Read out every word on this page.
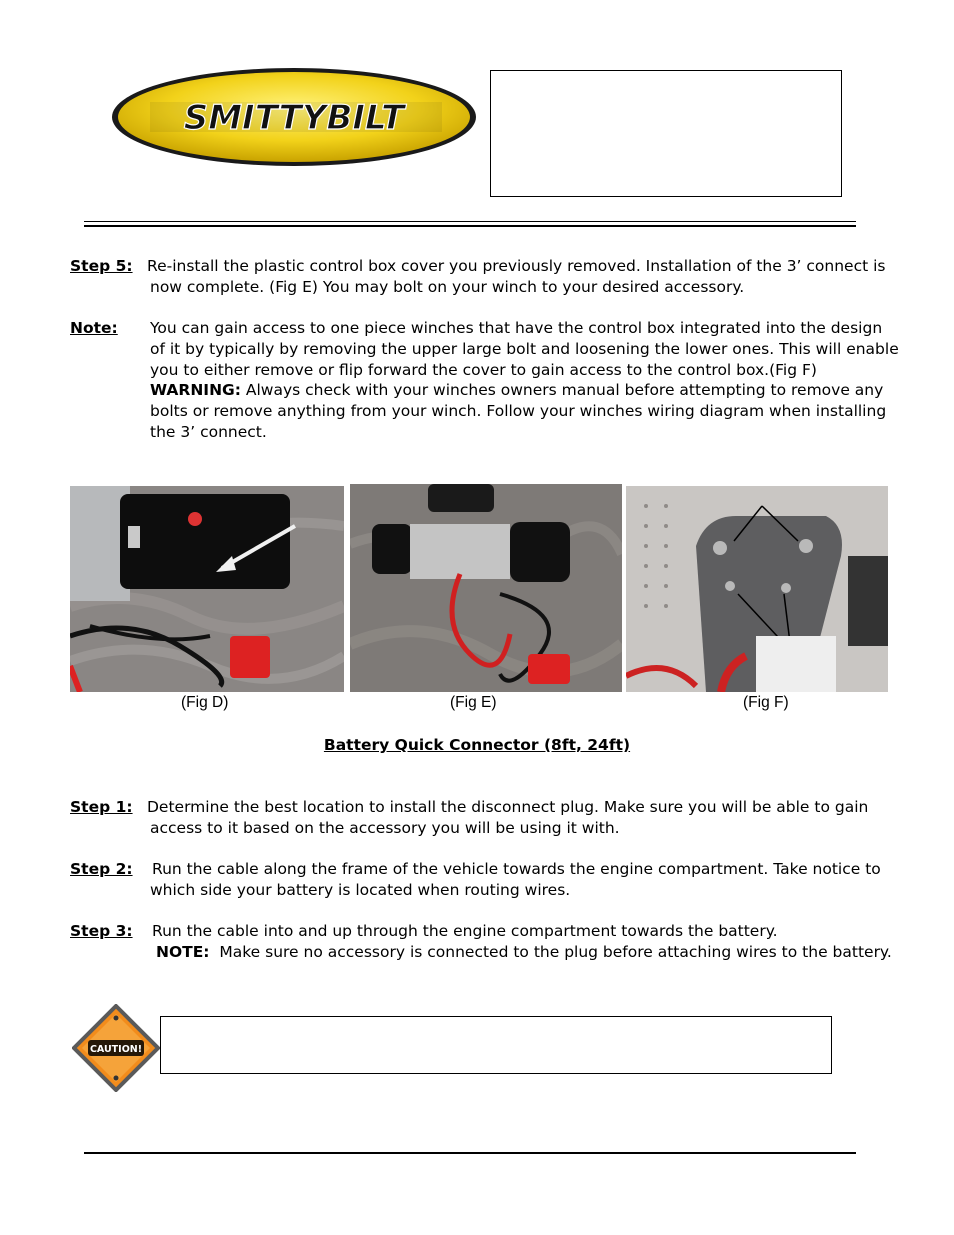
SMITTYBILT
Step 5: Re-install the plastic control box cover you previously removed. Installation of the 3’ connect is
now complete. (Fig E) You may bolt on your winch to your desired accessory.
Note: You can gain access to one piece winches that have the control box integrated into the design
of it by typically by removing the upper large bolt and loosening the lower ones. This will enable
you to either remove or flip forward the cover to gain access to the control box.(Fig F)
WARNING: Always check with your winches owners manual before attempting to remove any
bolts or remove anything from your winch. Follow your winches wiring diagram when installing
the 3’ connect.
(Fig D)	(Fig E)	(Fig F)
Battery Quick Connector (8ft, 24ft)
Step 1: Determine the best location to install the disconnect plug. Make sure you will be able to gain
access to it based on the accessory you will be using it with.
Step 2: Run the cable along the frame of the vehicle towards the engine compartment. Take notice to
which side your battery is located when routing wires.
Step 3: Run the cable into and up through the engine compartment towards the battery.
NOTE:  Make sure no accessory is connected to the plug before attaching wires to the battery.
CAUTION!
